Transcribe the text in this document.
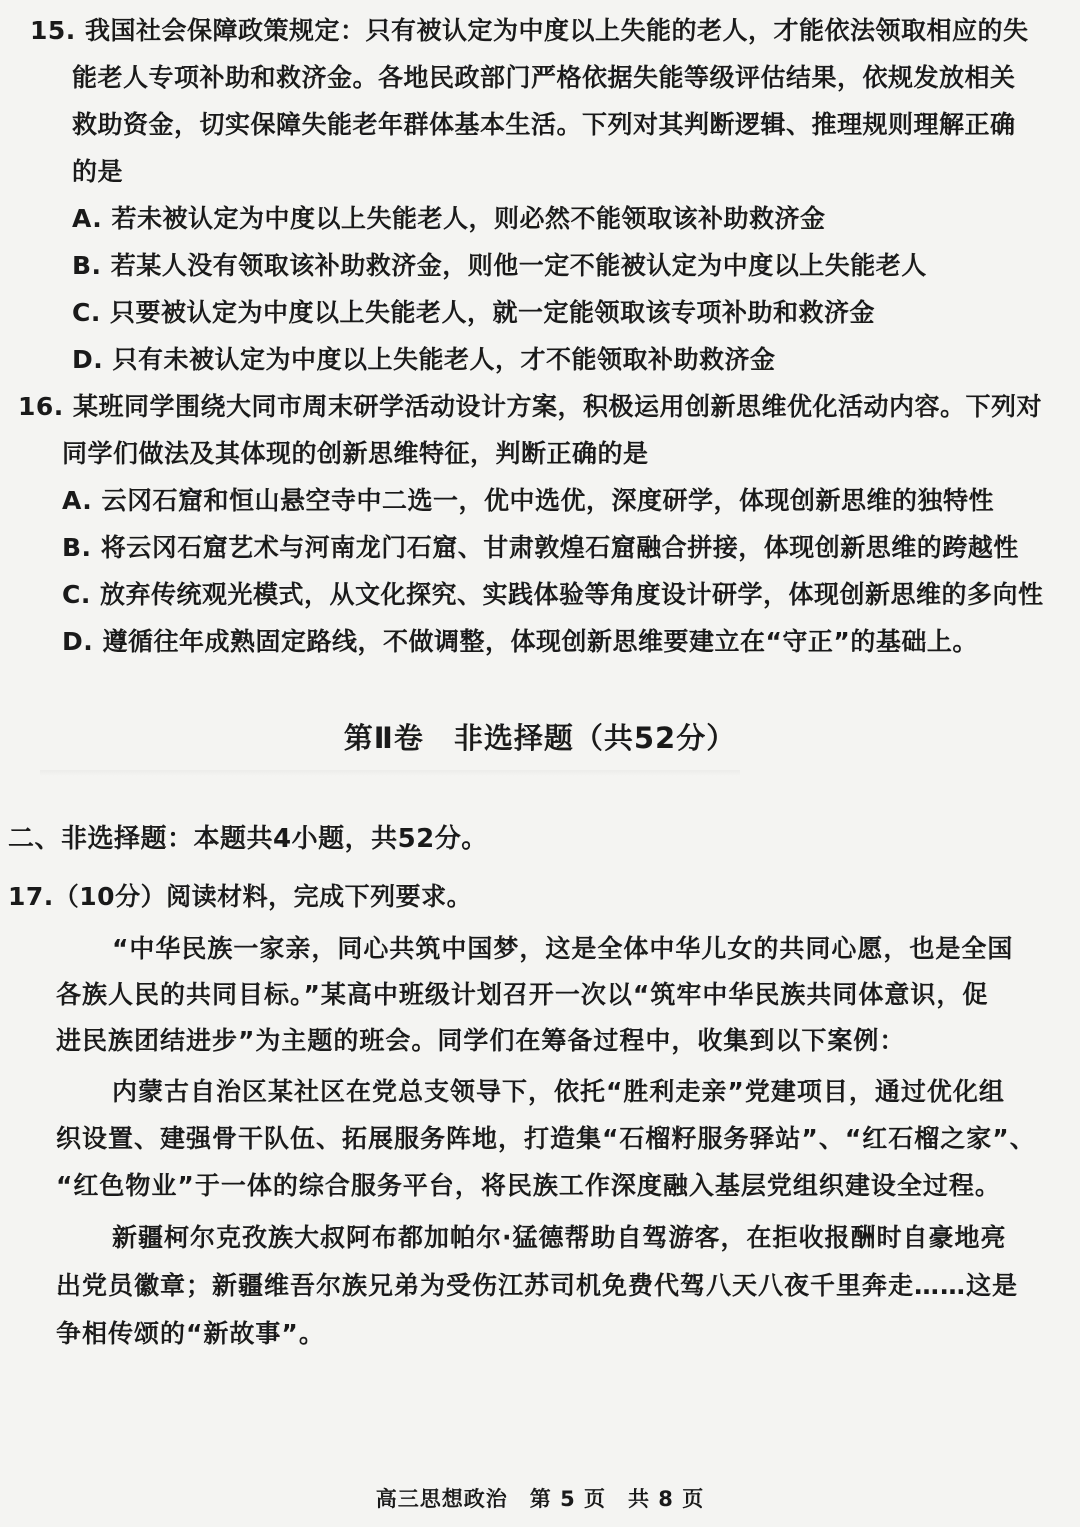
15. 我国社会保障政策规定：只有被认定为中度以上失能的老人，才能依法领取相应的失
能老人专项补助和救济金。各地民政部门严格依据失能等级评估结果，依规发放相关
救助资金，切实保障失能老年群体基本生活。下列对其判断逻辑、推理规则理解正确
的是
A. 若未被认定为中度以上失能老人，则必然不能领取该补助救济金
B. 若某人没有领取该补助救济金，则他一定不能被认定为中度以上失能老人
C. 只要被认定为中度以上失能老人，就一定能领取该专项补助和救济金
D. 只有未被认定为中度以上失能老人，才不能领取补助救济金
16. 某班同学围绕大同市周末研学活动设计方案，积极运用创新思维优化活动内容。下列对
同学们做法及其体现的创新思维特征，判断正确的是
A. 云冈石窟和恒山悬空寺中二选一，优中选优，深度研学，体现创新思维的独特性
B. 将云冈石窟艺术与河南龙门石窟、甘肃敦煌石窟融合拼接，体现创新思维的跨越性
C. 放弃传统观光模式，从文化探究、实践体验等角度设计研学，体现创新思维的多向性
D. 遵循往年成熟固定路线，不做调整，体现创新思维要建立在“守正”的基础上。
第Ⅱ卷　非选择题（共52分）
二、非选择题：本题共4小题，共52分。
17.（10分）阅读材料，完成下列要求。
“中华民族一家亲，同心共筑中国梦，这是全体中华儿女的共同心愿，也是全国
各族人民的共同目标。”某高中班级计划召开一次以“筑牢中华民族共同体意识，促
进民族团结进步”为主题的班会。同学们在筹备过程中，收集到以下案例：
内蒙古自治区某社区在党总支领导下，依托“胜利走亲”党建项目，通过优化组
织设置、建强骨干队伍、拓展服务阵地，打造集“石榴籽服务驿站”、“红石榴之家”、
“红色物业”于一体的综合服务平台，将民族工作深度融入基层党组织建设全过程。
新疆柯尔克孜族大叔阿布都加帕尔·猛德帮助自驾游客，在拒收报酬时自豪地亮
出党员徽章；新疆维吾尔族兄弟为受伤江苏司机免费代驾八天八夜千里奔走……这是
争相传颂的“新故事”。
高三思想政治　第 5 页　共 8 页
